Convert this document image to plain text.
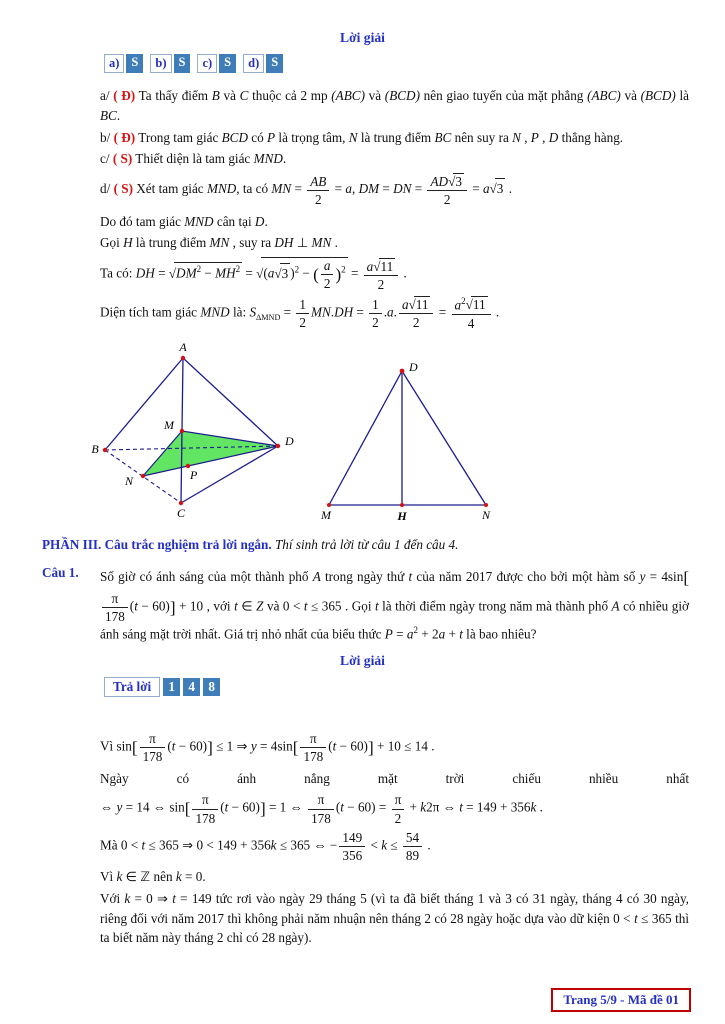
Lời giải
a) S	b) S	c) S	d) S
a/ ( Đ) Ta thấy điểm B và C thuộc cả 2 mp (ABC) và (BCD) nên giao tuyến của mặt phẳng (ABC) và (BCD) là BC.
b/ ( Đ) Trong tam giác BCD có P là trọng tâm, N là trung điểm BC nên suy ra N , P , D thẳng hàng.
c/ ( S) Thiết diện là tam giác MND.
d/ ( S) Xét tam giác MND, ta có MN = $\frac{AB}{2} = a$, DM = DN = $\frac{AD√3}{2} = a√3$ .
Do đó tam giác MND cân tại D.
Gọi H là trung điểm MN , suy ra DH ⊥ MN .
Ta có: DH = $√DM^2 - MH^2 = √(a√3$ )$^2$ − ( $\frac{a}{2} )^2 = \frac{a√11}{2}$ .
Diện tích tam giác MND là: $S_{\Delta MND} = \frac{1}{2} MN.DH = \frac{1}{2} .a$. $\frac{a√11}{2} = \frac{a^2√11}{4}$ .
A
B
C
D
M
N	P
D
M	H	N
PHẦN III. Câu trắc nghiệm trả lời ngắn. Thí sinh trả lời từ câu 1 đến câu 4.
Câu 1.	Số giờ có ánh sáng của một thành phố A trong ngày thứ t của năm 2017 được cho bởi một hàm số y = 4sin[
$\frac{\pi}{178} (t - 60)] + 10$ , với t ∈ Z và 0 < t ≤ 365 . Gọi t là thời điểm ngày trong năm mà thành phố A có nhiều giờ ánh sáng mặt trời nhất. Giá trị nhỏ nhất của biểu thức $P = a^2 + 2a + t$ là bao nhiêu?
Lời giải
Trả lời	1	4	8
Vì $\sin[ \frac{\pi}{178} (t - 60)] \le 1$ ⇒ $y = 4\sin[ \frac{\pi}{178} (t - 60)] + 10 \le 14$ .
Ngày có ánh nắng mặt trời chiếu nhiều nhất
⇔ y = 14 ⇔ $\sin[ \frac{\pi}{178} (t - 60)] = 1$ ⇔ $\frac{\pi}{178} (t - 60) = \frac{\pi}{2} + k2\pi$ ⇔ t = 149 + 356k .
Mà 0 < t ≤ 365 ⇒ 0 < 149 + 356k ≤ 365 ⇔ − $\frac{149}{356} < k \le \frac{54}{89}$ .
Vì k ∈ ℤ nên k = 0.
Với k = 0 ⇒ t = 149 tức rơi vào ngày 29 tháng 5 (vì ta đã biết tháng 1 và 3 có 31 ngày, tháng 4 có 30 ngày, riêng đối với năm 2017 thì không phải năm nhuận nên tháng 2 có 28 ngày hoặc dựa vào dữ kiện 0 < t ≤ 365 thì ta biết năm này tháng 2 chỉ có 28 ngày).
Trang 5/9 - Mã đề 01
